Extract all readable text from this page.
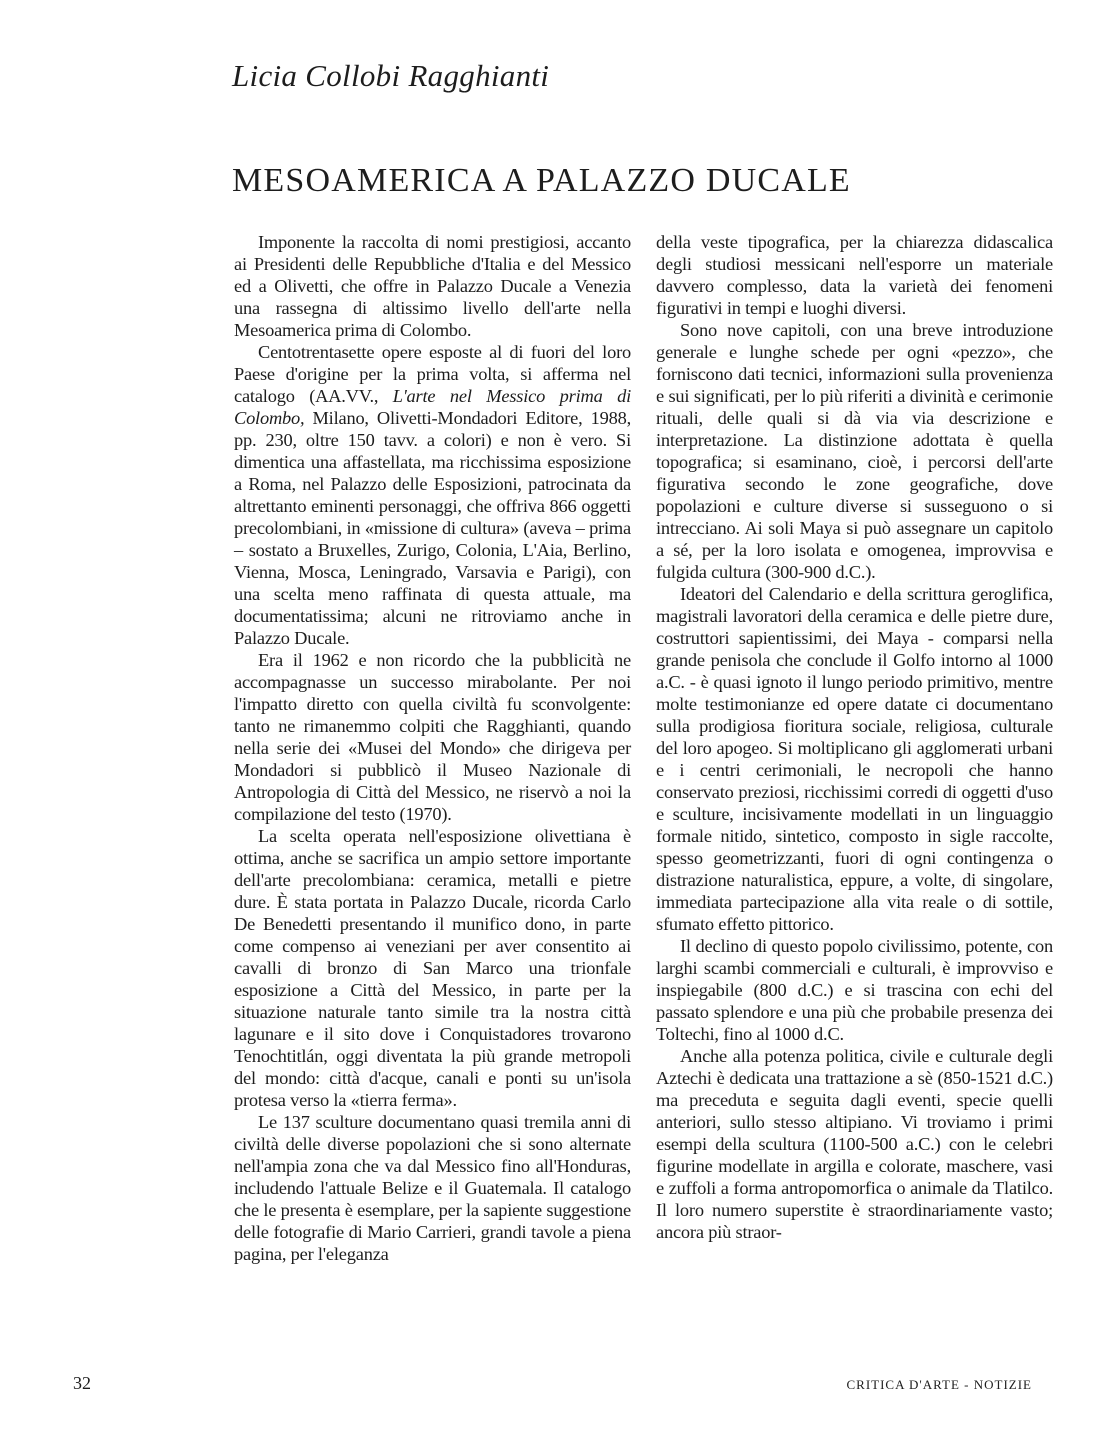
Licia Collobi Ragghianti
MESOAMERICA A PALAZZO DUCALE

Imponente la raccolta di nomi prestigiosi, accanto ai Presidenti delle Repubbliche d'Italia e del Messico ed a Olivetti, che offre in Palazzo Ducale a Venezia una rassegna di altissimo livello dell'arte nella Mesoamerica prima di Colombo.

Centotrentasette opere esposte al di fuori del loro Paese d'origine per la prima volta, si afferma nel catalogo (AA.VV., L'arte nel Messico prima di Colombo, Milano, Olivetti-Mondadori Editore, 1988, pp. 230, oltre 150 tavv. a colori) e non è vero. Si dimentica una affastellata, ma ricchissima esposizione a Roma, nel Palazzo delle Esposizioni, patrocinata da altrettanto eminenti personaggi, che offriva 866 oggetti precolombiani, in «missione di cultura» (aveva – prima – sostato a Bruxelles, Zurigo, Colonia, L'Aia, Berlino, Vienna, Mosca, Leningrado, Varsavia e Parigi), con una scelta meno raffinata di questa attuale, ma documentatissima; alcuni ne ritroviamo anche in Palazzo Ducale.

Era il 1962 e non ricordo che la pubblicità ne accompagnasse un successo mirabolante. Per noi l'impatto diretto con quella civiltà fu sconvolgente: tanto ne rimanemmo colpiti che Ragghianti, quando nella serie dei «Musei del Mondo» che dirigeva per Mondadori si pubblicò il Museo Nazionale di Antropologia di Città del Messico, ne riservò a noi la compilazione del testo (1970).

La scelta operata nell'esposizione olivettiana è ottima, anche se sacrifica un ampio settore importante dell'arte precolombiana: ceramica, metalli e pietre dure. È stata portata in Palazzo Ducale, ricorda Carlo De Benedetti presentando il munifico dono, in parte come compenso ai veneziani per aver consentito ai cavalli di bronzo di San Marco una trionfale esposizione a Città del Messico, in parte per la situazione naturale tanto simile tra la nostra città lagunare e il sito dove i Conquistadores trovarono Tenochtitlán, oggi diventata la più grande metropoli del mondo: città d'acque, canali e ponti su un'isola protesa verso la «tierra ferma».

Le 137 sculture documentano quasi tremila anni di civiltà delle diverse popolazioni che si sono alternate nell'ampia zona che va dal Messico fino all'Honduras, includendo l'attuale Belize e il Guatemala. Il catalogo che le presenta è esemplare, per la sapiente suggestione delle fotografie di Mario Carrieri, grandi tavole a piena pagina, per l'eleganza

della veste tipografica, per la chiarezza didascalica degli studiosi messicani nell'esporre un materiale davvero complesso, data la varietà dei fenomeni figurativi in tempi e luoghi diversi.

Sono nove capitoli, con una breve introduzione generale e lunghe schede per ogni «pezzo», che forniscono dati tecnici, informazioni sulla provenienza e sui significati, per lo più riferiti a divinità e cerimonie rituali, delle quali si dà via via descrizione e interpretazione. La distinzione adottata è quella topografica; si esaminano, cioè, i percorsi dell'arte figurativa secondo le zone geografiche, dove popolazioni e culture diverse si susseguono o si intrecciano. Ai soli Maya si può assegnare un capitolo a sé, per la loro isolata e omogenea, improvvisa e fulgida cultura (300-900 d.C.).

Ideatori del Calendario e della scrittura geroglifica, magistrali lavoratori della ceramica e delle pietre dure, costruttori sapientissimi, dei Maya - comparsi nella grande penisola che conclude il Golfo intorno al 1000 a.C. - è quasi ignoto il lungo periodo primitivo, mentre molte testimonianze ed opere datate ci documentano sulla prodigiosa fioritura sociale, religiosa, culturale del loro apogeo. Si moltiplicano gli agglomerati urbani e i centri cerimoniali, le necropoli che hanno conservato preziosi, ricchissimi corredi di oggetti d'uso e sculture, incisivamente modellati in un linguaggio formale nitido, sintetico, composto in sigle raccolte, spesso geometrizzanti, fuori di ogni contingenza o distrazione naturalistica, eppure, a volte, di singolare, immediata partecipazione alla vita reale o di sottile, sfumato effetto pittorico.

Il declino di questo popolo civilissimo, potente, con larghi scambi commerciali e culturali, è improvviso e inspiegabile (800 d.C.) e si trascina con echi del passato splendore e una più che probabile presenza dei Toltechi, fino al 1000 d.C.

Anche alla potenza politica, civile e culturale degli Aztechi è dedicata una trattazione a sè (850-1521 d.C.) ma preceduta e seguita dagli eventi, specie quelli anteriori, sullo stesso altipiano. Vi troviamo i primi esempi della scultura (1100-500 a.C.) con le celebri figurine modellate in argilla e colorate, maschere, vasi e zuffoli a forma antropomorfica o animale da Tlatilco. Il loro numero superstite è straordinariamente vasto; ancora più straor-

32	CRITICA D'ARTE - NOTIZIE
